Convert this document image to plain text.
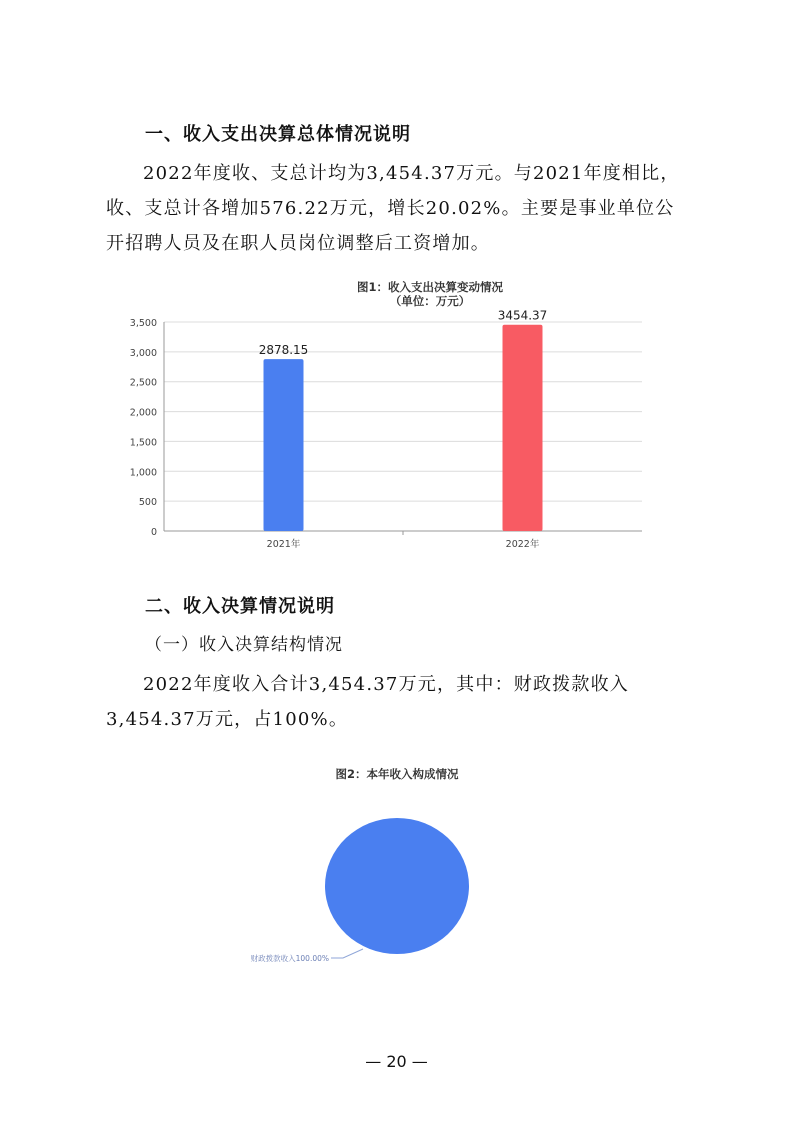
一、收入支出决算总体情况说明
2022年度收、支总计均为3,454.37万元。与2021年度相比，收、支总计各增加576.22万元，增长20.02%。主要是事业单位公开招聘人员及在职人员岗位调整后工资增加。
图1：收入支出决算变动情况
（单位：万元）
0
500
1,000
1,500
2,000
2,500
3,000
3,500
2878.15
2021年
3454.37
2022年
二、收入决算情况说明
（一）收入决算结构情况
2022年度收入合计3,454.37万元，其中：财政拨款收入3,454.37万元，占100%。
图2：本年收入构成情况
财政拨款收入100.00%
— 20 —
